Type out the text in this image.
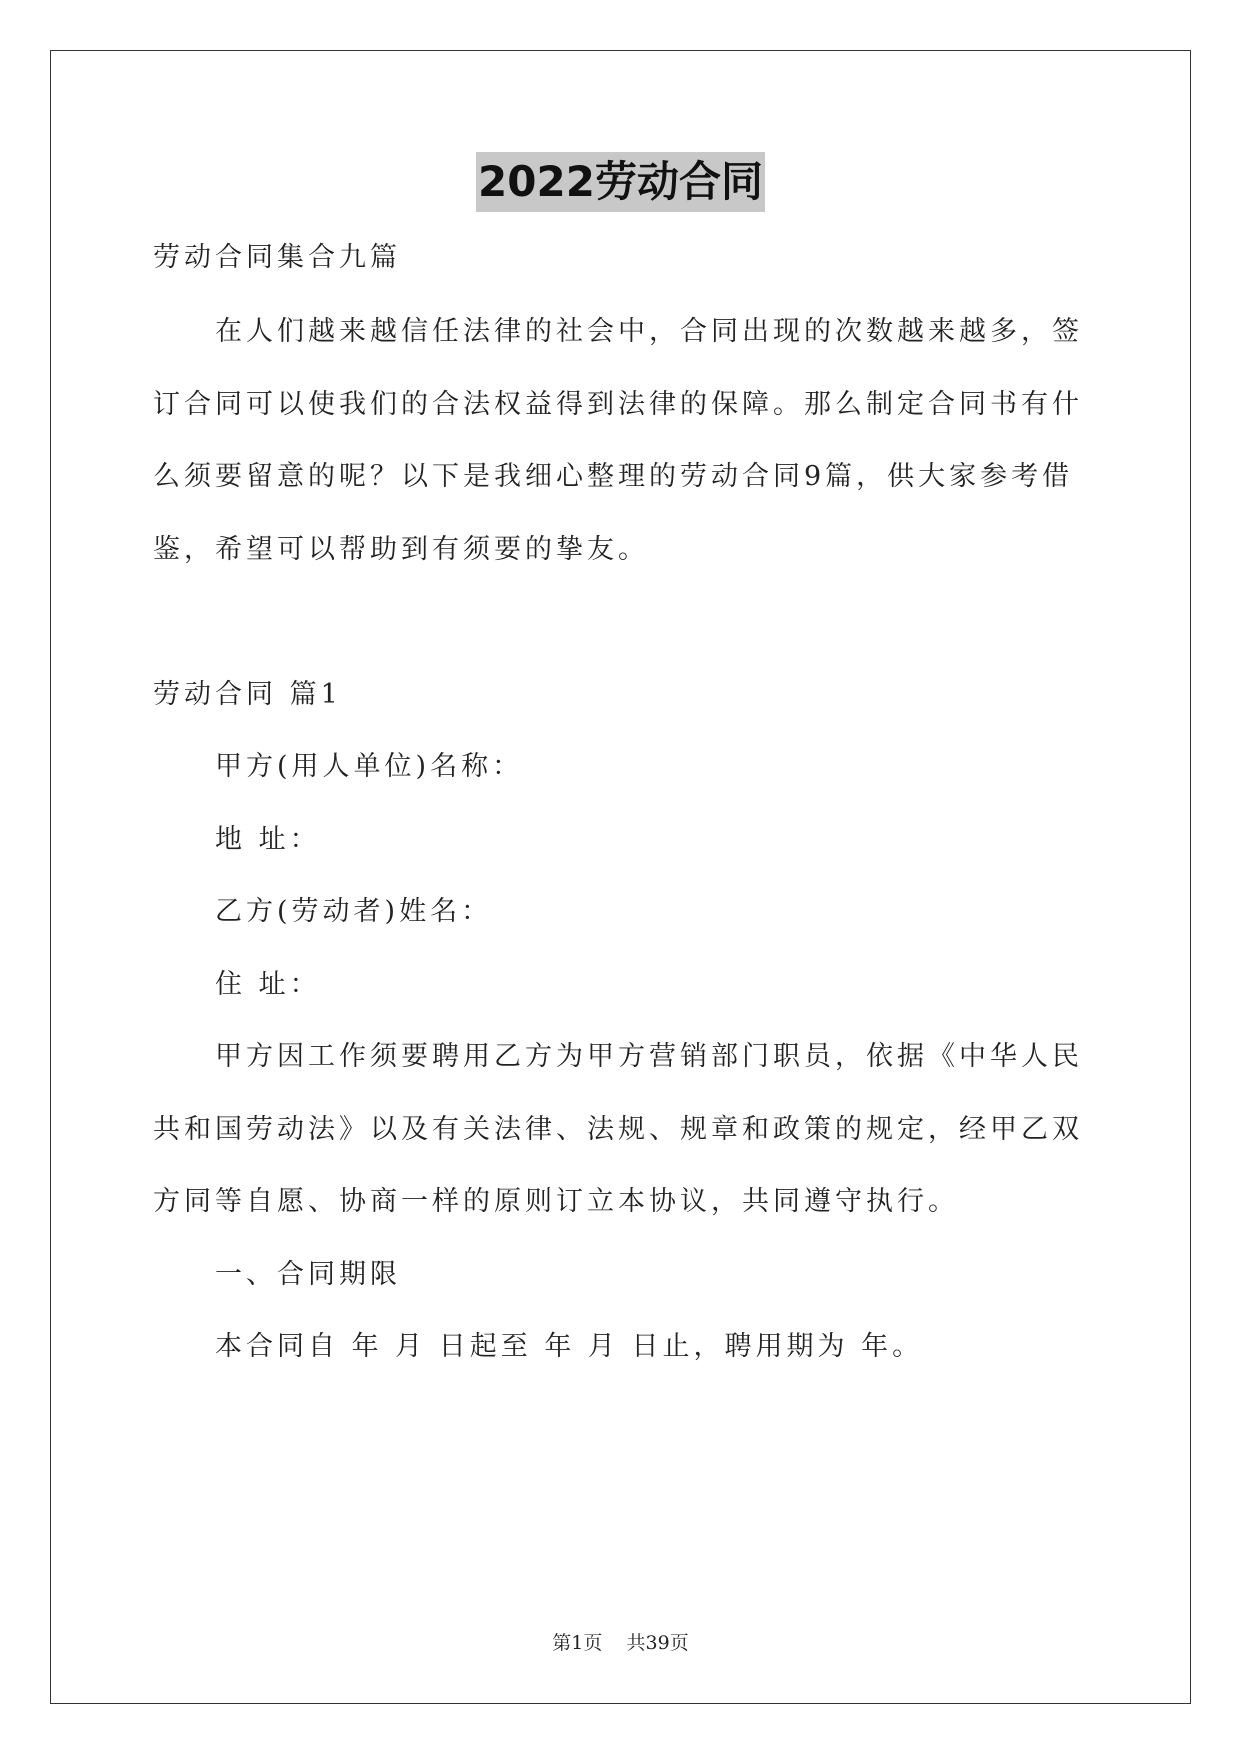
2022劳动合同
劳动合同集合九篇
在人们越来越信任法律的社会中，合同出现的次数越来越多，签
订合同可以使我们的合法权益得到法律的保障。那么制定合同书有什
么须要留意的呢？以下是我细心整理的劳动合同9篇，供大家参考借
鉴，希望可以帮助到有须要的挚友。
劳动合同 篇1
甲方(用人单位)名称：
地 址：
乙方(劳动者)姓名：
住 址：
甲方因工作须要聘用乙方为甲方营销部门职员，依据《中华人民
共和国劳动法》以及有关法律、法规、规章和政策的规定，经甲乙双
方同等自愿、协商一样的原则订立本协议，共同遵守执行。
一、合同期限
本合同自 年 月 日起至 年 月 日止，聘用期为 年。
第1页 共39页
